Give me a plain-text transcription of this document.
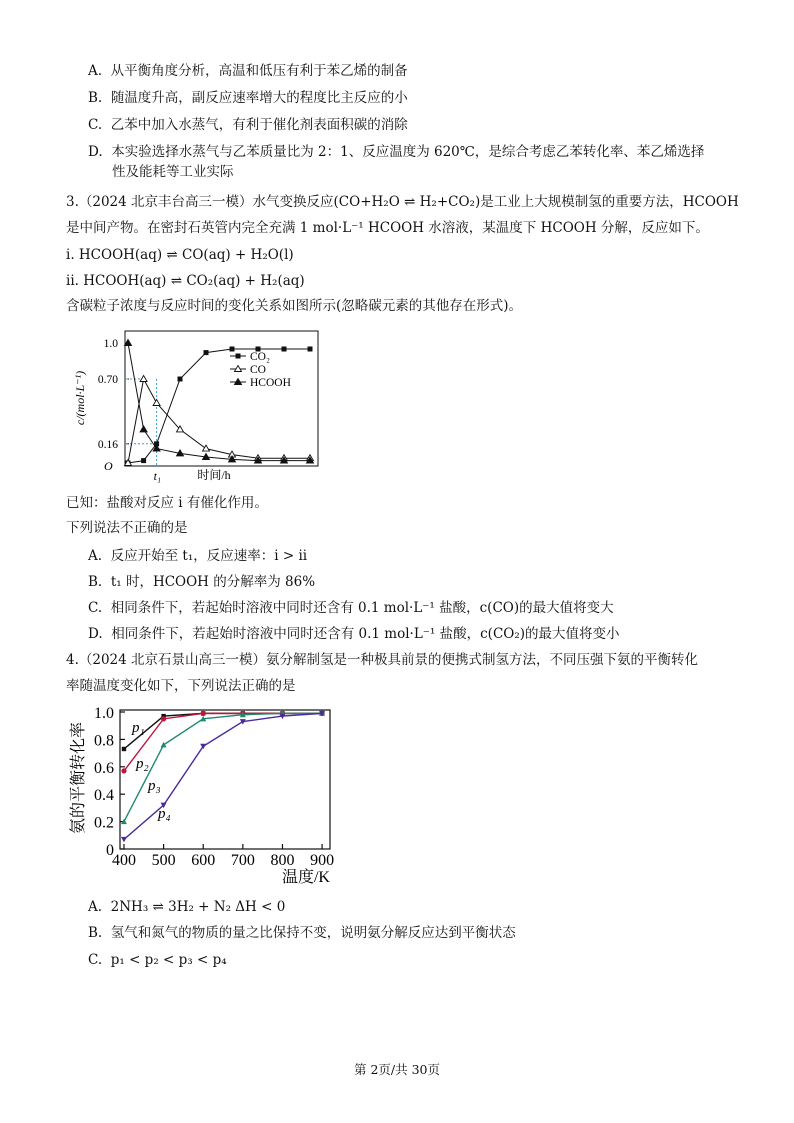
A. 从平衡角度分析，高温和低压有利于苯乙烯的制备
B. 随温度升高，副反应速率增大的程度比主反应的小
C. 乙苯中加入水蒸气，有利于催化剂表面积碳的消除
D. 本实验选择水蒸气与乙苯质量比为 2：1、反应温度为 620℃，是综合考虑乙苯转化率、苯乙烯选择
性及能耗等工业实际
3.（2024 北京丰台高三一模）水气变换反应(CO+H₂O ⇌ H₂+CO₂)是工业上大规模制氢的重要方法，HCOOH
是中间产物。在密封石英管内完全充满 1 mol·L⁻¹ HCOOH 水溶液，某温度下 HCOOH 分解，反应如下。
i. HCOOH(aq) ⇌ CO(aq) + H₂O(l)
ii. HCOOH(aq) ⇌ CO₂(aq) + H₂(aq)
含碳粒子浓度与反应时间的变化关系如图所示(忽略碳元素的其他存在形式)。
1.0
0.70
0.16
t₁
CO₂
CO
HCOOH
c/(mol·L⁻¹)
时间/h
O
已知：盐酸对反应 i 有催化作用。
下列说法不正确的是
A. 反应开始至 t₁，反应速率：i > ii
B. t₁ 时，HCOOH 的分解率为 86%
C. 相同条件下，若起始时溶液中同时还含有 0.1 mol·L⁻¹ 盐酸，c(CO)的最大值将变大
D. 相同条件下，若起始时溶液中同时还含有 0.1 mol·L⁻¹ 盐酸，c(CO₂)的最大值将变小
4.（2024 北京石景山高三一模）氨分解制氢是一种极具前景的便携式制氢方法，不同压强下氨的平衡转化
率随温度变化如下，下列说法正确的是
0
0.2
0.4
0.6
0.8
1.0
400 500 600 700 800 900
p₁
p₂
p₃
p₄
氨的平衡转化率
温度/K
A. 2NH₃ ⇌ 3H₂ + N₂ ΔH < 0
B. 氢气和氮气的物质的量之比保持不变，说明氨分解反应达到平衡状态
C. p₁ < p₂ < p₃ < p₄
第 2页/共 30页
